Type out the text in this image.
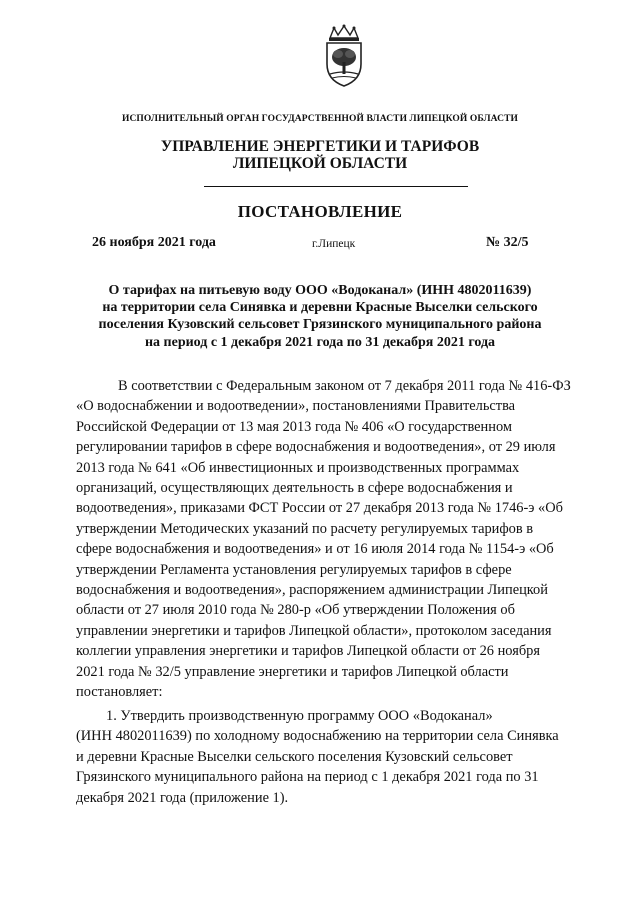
ИСПОЛНИТЕЛЬНЫЙ ОРГАН ГОСУДАРСТВЕННОЙ ВЛАСТИ ЛИПЕЦКОЙ ОБЛАСТИ
УПРАВЛЕНИЕ ЭНЕРГЕТИКИ И ТАРИФОВ
ЛИПЕЦКОЙ ОБЛАСТИ
ПОСТАНОВЛЕНИЕ
26 ноября 2021 года	г.Липецк	№ 32/5
О тарифах на питьевую воду ООО «Водоканал» (ИНН 4802011639)
на территории села Синявка и деревни Красные Выселки сельского
поселения Кузовский сельсовет Грязинского муниципального района
на период с 1 декабря 2021 года по 31 декабря 2021 года
В соответствии с Федеральным законом от 7 декабря 2011 года № 416-ФЗ
«О водоснабжении и водоотведении», постановлениями Правительства
Российской Федерации от 13 мая 2013 года № 406 «О государственном
регулировании тарифов в сфере водоснабжения и водоотведения», от 29 июля
2013 года № 641 «Об инвестиционных и производственных программах
организаций, осуществляющих деятельность в сфере водоснабжения и
водоотведения», приказами ФСТ России от 27 декабря 2013 года № 1746-э «Об
утверждении Методических указаний по расчету регулируемых тарифов в
сфере водоснабжения и водоотведения» и от 16 июля 2014 года № 1154-э «Об
утверждении Регламента установления регулируемых тарифов в сфере
водоснабжения и водоотведения», распоряжением администрации Липецкой
области от 27 июля 2010 года № 280-р «Об утверждении Положения об
управлении энергетики и тарифов Липецкой области», протоколом заседания
коллегии управления энергетики и тарифов Липецкой области от 26 ноября
2021 года № 32/5 управление энергетики и тарифов Липецкой области
постановляет:
1. Утвердить производственную программу ООО «Водоканал»
(ИНН 4802011639) по холодному водоснабжению на территории села Синявка
и деревни Красные Выселки сельского поселения Кузовский сельсовет
Грязинского муниципального района на период с 1 декабря 2021 года по 31
декабря 2021 года (приложение 1).
